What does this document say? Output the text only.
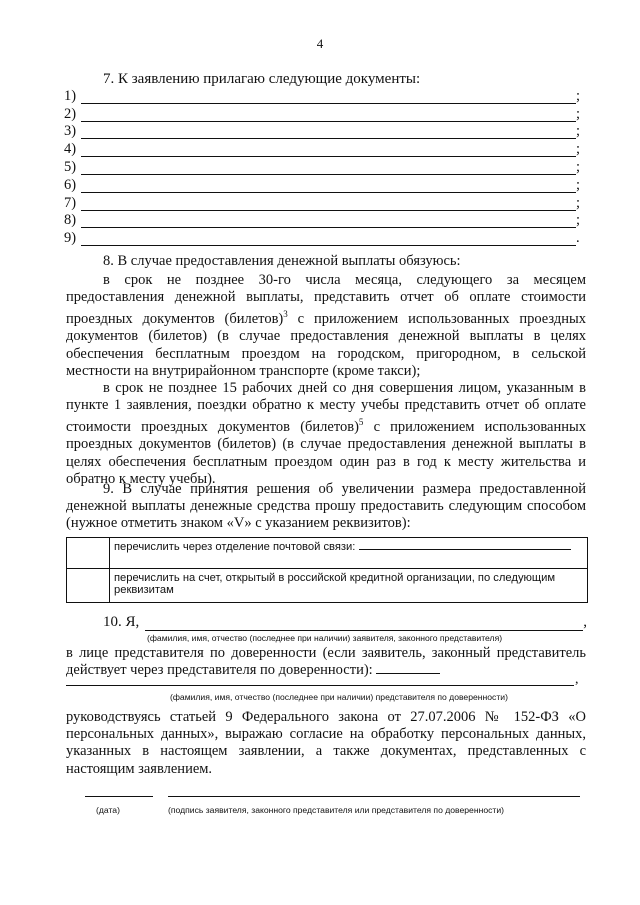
4
7. К заявлению прилагаю следующие документы:
1)	;
2)	;
3)	;
4)	;
5)	;
6)	;
7)	;
8)	;
9)	.
8. В случае предоставления денежной выплаты обязуюсь:
в срок не позднее 30-го числа месяца, следующего за месяцем предоставления денежной выплаты, представить отчет об оплате стоимости проездных документов (билетов)$^3$ с приложением использованных проездных документов (билетов) (в случае предоставления денежной выплаты в целях обеспечения бесплатным проездом на городском, пригородном, в сельской местности на внутрирайонном транспорте (кроме такси);
в срок не позднее 15 рабочих дней со дня совершения лицом, указанным в пункте 1 заявления, поездки обратно к месту учебы представить отчет об оплате стоимости проездных документов (билетов)$^5$ с приложением использованных проездных документов (билетов) (в случае предоставления денежной выплаты в целях обеспечения бесплатным проездом один раз в год к месту жительства и обратно к месту учебы).
9. В случае принятия решения об увеличении размера предоставленной денежной выплаты денежные средства прошу предоставить следующим способом (нужное отметить знаком «V» с указанием реквизитов):
	перечислить через отделение почтовой связи:
	перечислить на счет, открытый в российской кредитной организации, по следующим реквизитам
10. Я,	,
(фамилия, имя, отчество (последнее при наличии) заявителя, законного представителя)
в лице представителя по доверенности (если заявитель, законный представитель действует через представителя по доверенности):
,
(фамилия, имя, отчество (последнее при наличии) представителя по доверенности)
руководствуясь статьей 9 Федерального закона от 27.07.2006 № 152-ФЗ «О персональных данных», выражаю согласие на обработку персональных данных, указанных в настоящем заявлении, а также документах, представленных с настоящим заявлением.
(дата)	(подпись заявителя, законного представителя или представителя по доверенности)
